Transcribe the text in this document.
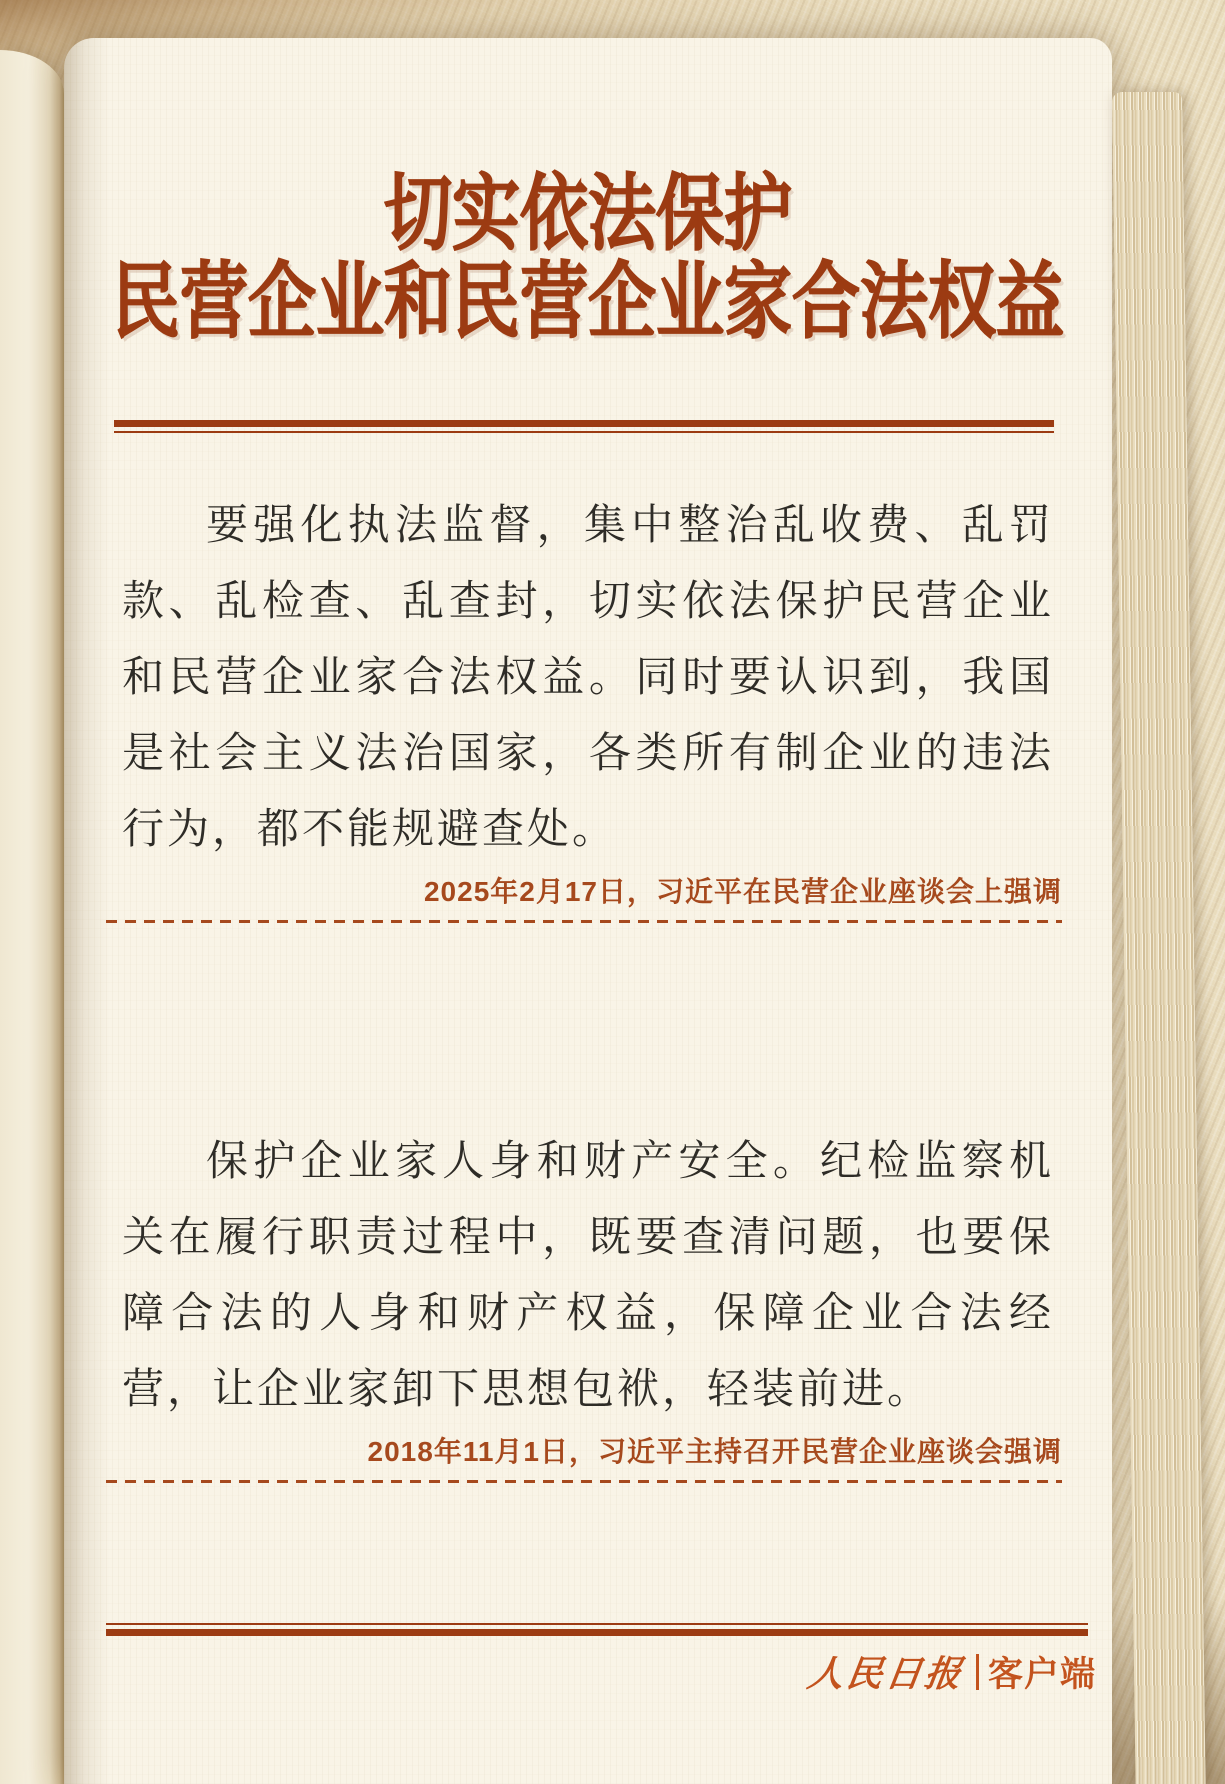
切实依法保护
民营企业和民营企业家合法权益
要强化执法监督，集中整治乱收费、乱罚款、乱检查、乱查封，切实依法保护民营企业和民营企业家合法权益。同时要认识到，我国是社会主义法治国家，各类所有制企业的违法行为，都不能规避查处。
2025年2月17日，习近平在民营企业座谈会上强调
保护企业家人身和财产安全。纪检监察机关在履行职责过程中，既要查清问题，也要保障合法的人身和财产权益，保障企业合法经营，让企业家卸下思想包袱，轻装前进。
2018年11月1日，习近平主持召开民营企业座谈会强调
人民日报 客户端
